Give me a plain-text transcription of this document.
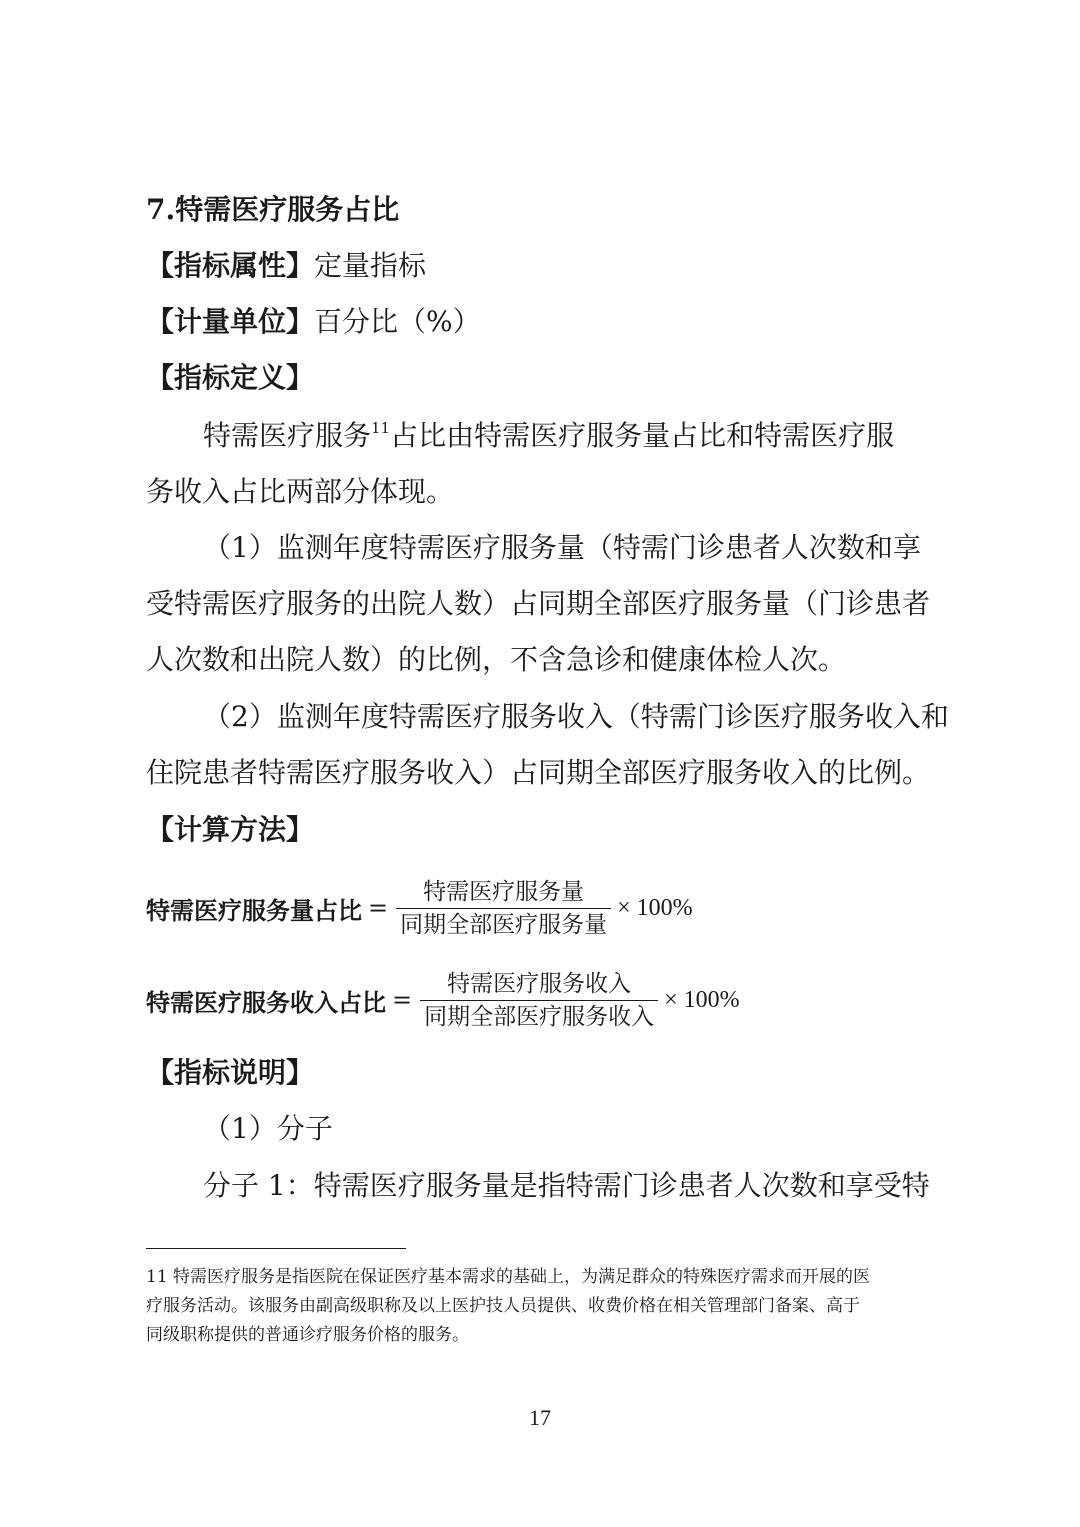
7.特需医疗服务占比
【指标属性】定量指标
【计量单位】百分比（%）
【指标定义】
特需医疗服务$^{11}$占比由特需医疗服务量占比和特需医疗服
务收入占比两部分体现。
（1）监测年度特需医疗服务量（特需门诊患者人次数和享
受特需医疗服务的出院人数）占同期全部医疗服务量（门诊患者
人次数和出院人数）的比例，不含急诊和健康体检人次。
（2）监测年度特需医疗服务收入（特需门诊医疗服务收入和
住院患者特需医疗服务收入）占同期全部医疗服务收入的比例。
【计算方法】
特需医疗服务量占比 = $\frac{\text{特需医疗服务量}}{\text{同期全部医疗服务量}} \times 100\%$
特需医疗服务收入占比 = $\frac{\text{特需医疗服务收入}}{\text{同期全部医疗服务收入}} \times 100\%$
【指标说明】
（1）分子
分子 1：特需医疗服务量是指特需门诊患者人次数和享受特
11 特需医疗服务是指医院在保证医疗基本需求的基础上，为满足群众的特殊医疗需求而开展的医
疗服务活动。该服务由副高级职称及以上医护技人员提供、收费价格在相关管理部门备案、高于
同级职称提供的普通诊疗服务价格的服务。
17
